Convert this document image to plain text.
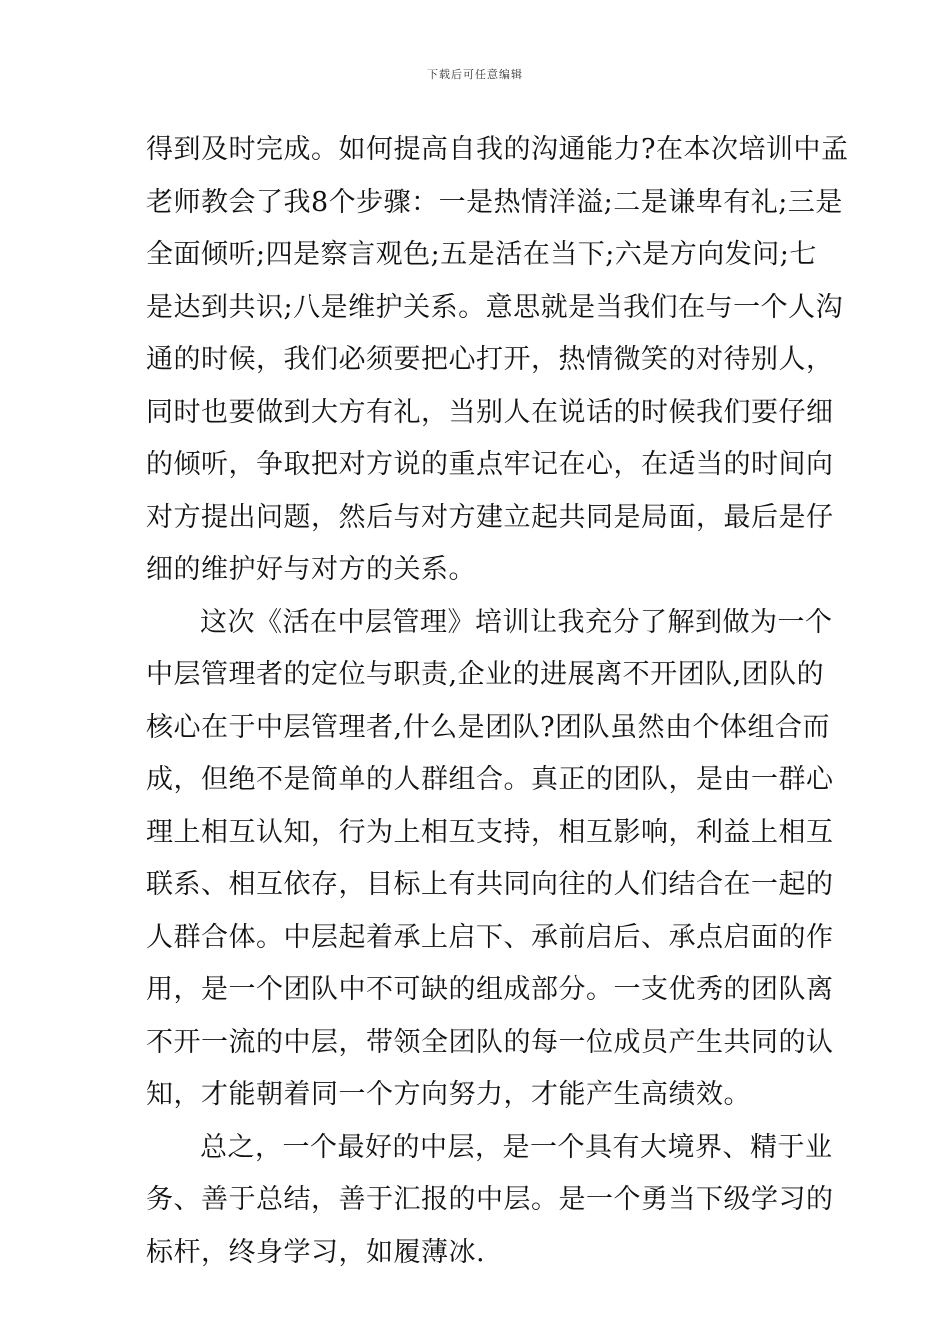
下载后可任意编辑
得到及时完成。如何提高自我的沟通能力?在本次培训中孟
老师教会了我8个步骤：一是热情洋溢;二是谦卑有礼;三是
全面倾听;四是察言观色;五是活在当下;六是方向发问;七
是达到共识;八是维护关系。意思就是当我们在与一个人沟
通的时候，我们必须要把心打开，热情微笑的对待别人，
同时也要做到大方有礼，当别人在说话的时候我们要仔细
的倾听，争取把对方说的重点牢记在心，在适当的时间向
对方提出问题，然后与对方建立起共同是局面，最后是仔
细的维护好与对方的关系。
这次《活在中层管理》培训让我充分了解到做为一个
中层管理者的定位与职责,企业的进展离不开团队,团队的
核心在于中层管理者,什么是团队?团队虽然由个体组合而
成，但绝不是简单的人群组合。真正的团队，是由一群心
理上相互认知，行为上相互支持，相互影响，利益上相互
联系、相互依存，目标上有共同向往的人们结合在一起的
人群合体。中层起着承上启下、承前启后、承点启面的作
用，是一个团队中不可缺的组成部分。一支优秀的团队离
不开一流的中层，带领全团队的每一位成员产生共同的认
知，才能朝着同一个方向努力，才能产生高绩效。
总之，一个最好的中层，是一个具有大境界、精于业
务、善于总结，善于汇报的中层。是一个勇当下级学习的
标杆，终身学习，如履薄冰.
